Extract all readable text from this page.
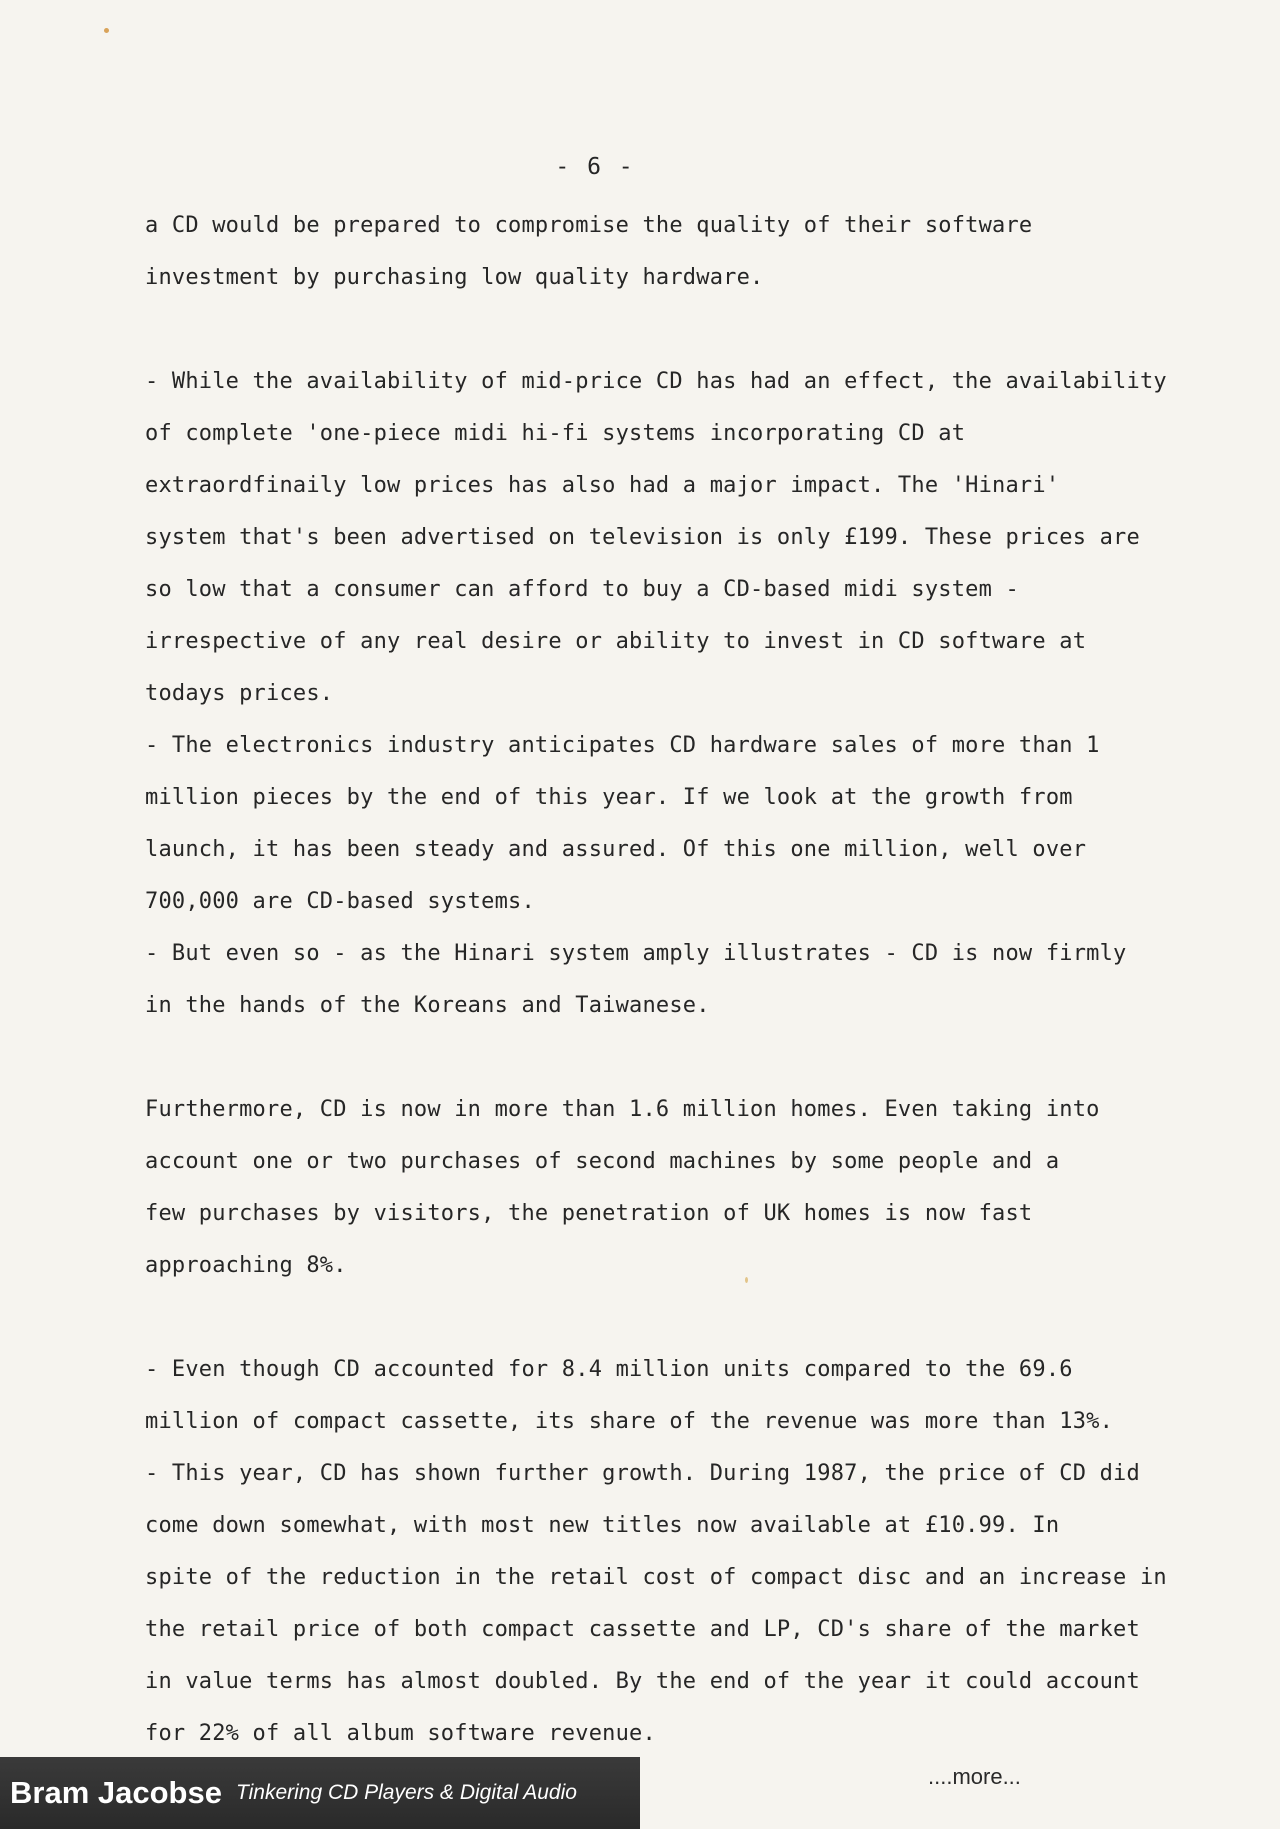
- 6 -
a CD would be prepared to compromise the quality of their software
investment by purchasing low quality hardware.
- While the availability of mid-price CD has had an effect, the availability
of complete 'one-piece midi hi-fi systems incorporating CD at
extraordfinaily low prices has also had a major impact. The 'Hinari'
system that's been advertised on television is only £199. These prices are
so low that a consumer can afford to buy a CD-based midi system -
irrespective of any real desire or ability to invest in CD software at
todays prices.
- The electronics industry anticipates CD hardware sales of more than 1
million pieces by the end of this year. If we look at the growth from
launch, it has been steady and assured. Of this one million, well over
700,000 are CD-based systems.
- But even so - as the Hinari system amply illustrates - CD is now firmly
in the hands of the Koreans and Taiwanese.
Furthermore, CD is now in more than 1.6 million homes. Even taking into
account one or two purchases of second machines by some people and a
few purchases by visitors, the penetration of UK homes is now fast
approaching 8%.
- Even though CD accounted for 8.4 million units compared to the 69.6
million of compact cassette, its share of the revenue was more than 13%.
- This year, CD has shown further growth. During 1987, the price of CD did
come down somewhat, with most new titles now available at £10.99. In
spite of the reduction in the retail cost of compact disc and an increase in
the retail price of both compact cassette and LP, CD's share of the market
in value terms has almost doubled. By the end of the year it could account
for 22% of all album software revenue.
....more...
Bram Jacobse Tinkering CD Players & Digital Audio
